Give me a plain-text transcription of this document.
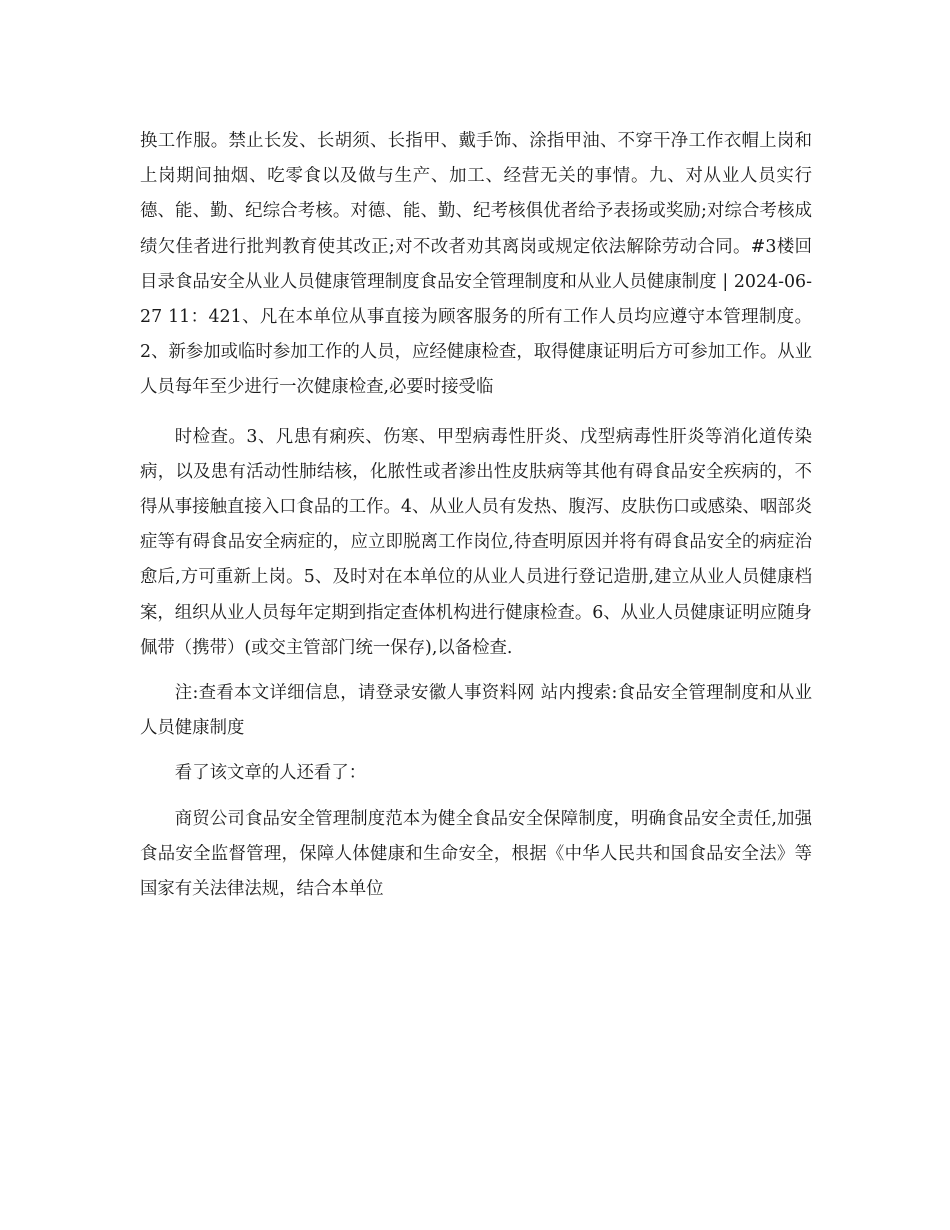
换工作服。禁止长发、长胡须、长指甲、戴手饰、涂指甲油、不穿干净工作衣帽上岗和上岗期间抽烟、吃零食以及做与生产、加工、经营无关的事情。九、对从业人员实行德、能、勤、纪综合考核。对德、能、勤、纪考核俱优者给予表扬或奖励;对综合考核成绩欠佳者进行批判教育使其改正;对不改者劝其离岗或规定依法解除劳动合同。#3楼回目录食品安全从业人员健康管理制度食品安全管理制度和从业人员健康制度 | 2024-06-27 11：421、凡在本单位从事直接为顾客服务的所有工作人员均应遵守本管理制度。2、新参加或临时参加工作的人员，应经健康检查，取得健康证明后方可参加工作。从业人员每年至少进行一次健康检查,必要时接受临

时检查。3、凡患有痢疾、伤寒、甲型病毒性肝炎、戊型病毒性肝炎等消化道传染病，以及患有活动性肺结核，化脓性或者渗出性皮肤病等其他有碍食品安全疾病的，不得从事接触直接入口食品的工作。4、从业人员有发热、腹泻、皮肤伤口或感染、咽部炎症等有碍食品安全病症的，应立即脱离工作岗位,待查明原因并将有碍食品安全的病症治愈后,方可重新上岗。5、及时对在本单位的从业人员进行登记造册,建立从业人员健康档案，组织从业人员每年定期到指定查体机构进行健康检查。6、从业人员健康证明应随身佩带（携带）(或交主管部门统一保存),以备检查.

注:查看本文详细信息，请登录安徽人事资料网 站内搜索:食品安全管理制度和从业人员健康制度

看了该文章的人还看了：

商贸公司食品安全管理制度范本为健全食品安全保障制度，明确食品安全责任,加强食品安全监督管理，保障人体健康和生命安全，根据《中华人民共和国食品安全法》等国家有关法律法规，结合本单位
